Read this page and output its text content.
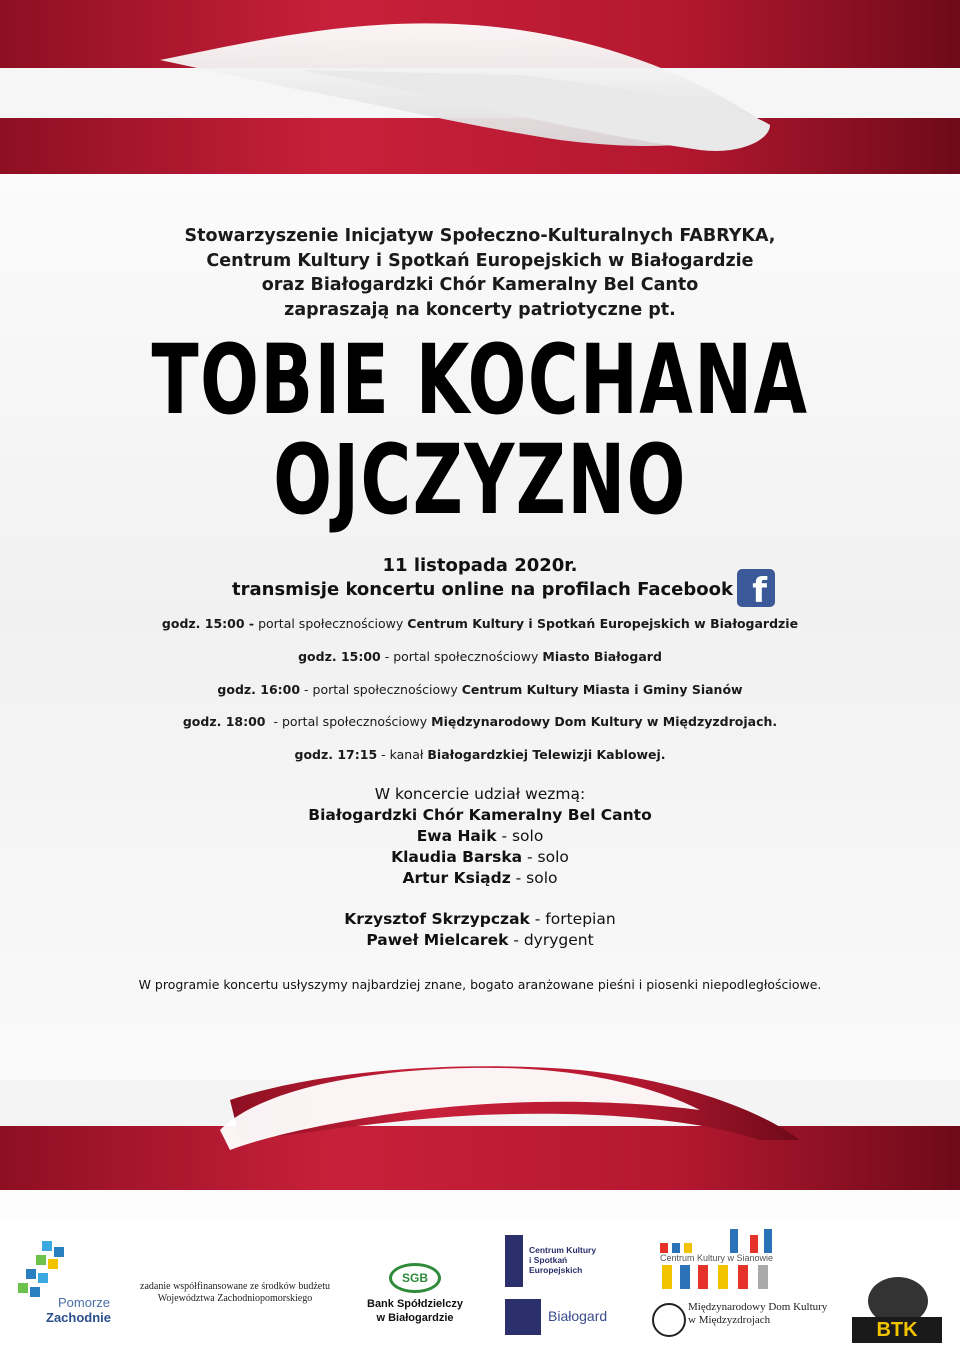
Stowarzyszenie Inicjatyw Społeczno-Kulturalnych FABRYKA,
Centrum Kultury i Spotkań Europejskich w Białogardzie
oraz Białogardzki Chór Kameralny Bel Canto
zapraszają na koncerty patriotyczne pt.
TOBIE KOCHANA
OJCZYZNO
11 listopada 2020r.
transmisje koncertu online na profilach Facebook f
godz. 15:00 - portal społecznościowy Centrum Kultury i Spotkań Europejskich w Białogardzie
godz. 15:00 - portal społecznościowy Miasto Białogard
godz. 16:00 - portal społecznościowy Centrum Kultury Miasta i Gminy Sianów
godz. 18:00  - portal społecznościowy Międzynarodowy Dom Kultury w Międzyzdrojach.
godz. 17:15 - kanał Białogardzkiej Telewizji Kablowej.
W koncercie udział wezmą:
Białogardzki Chór Kameralny Bel Canto
Ewa Haik - solo
Klaudia Barska - solo
Artur Ksiądz - solo
Krzysztof Skrzypczak - fortepian
Paweł Mielcarek - dyrygent
W programie koncertu usłyszymy najbardziej znane, bogato aranżowane pieśni i piosenki niepodległościowe.
Pomorze
Zachodnie
zadanie współfinansowane ze środków budżetu
Województwa Zachodniopomorskiego
SGB
Bank Spółdzielczy
w Białogardzie
Centrum Kultury
i Spotkań
Europejskich
Białogard
Centrum Kultury w Sianowie
Międzynarodowy Dom Kultury
w Międzyzdrojach	BTK
